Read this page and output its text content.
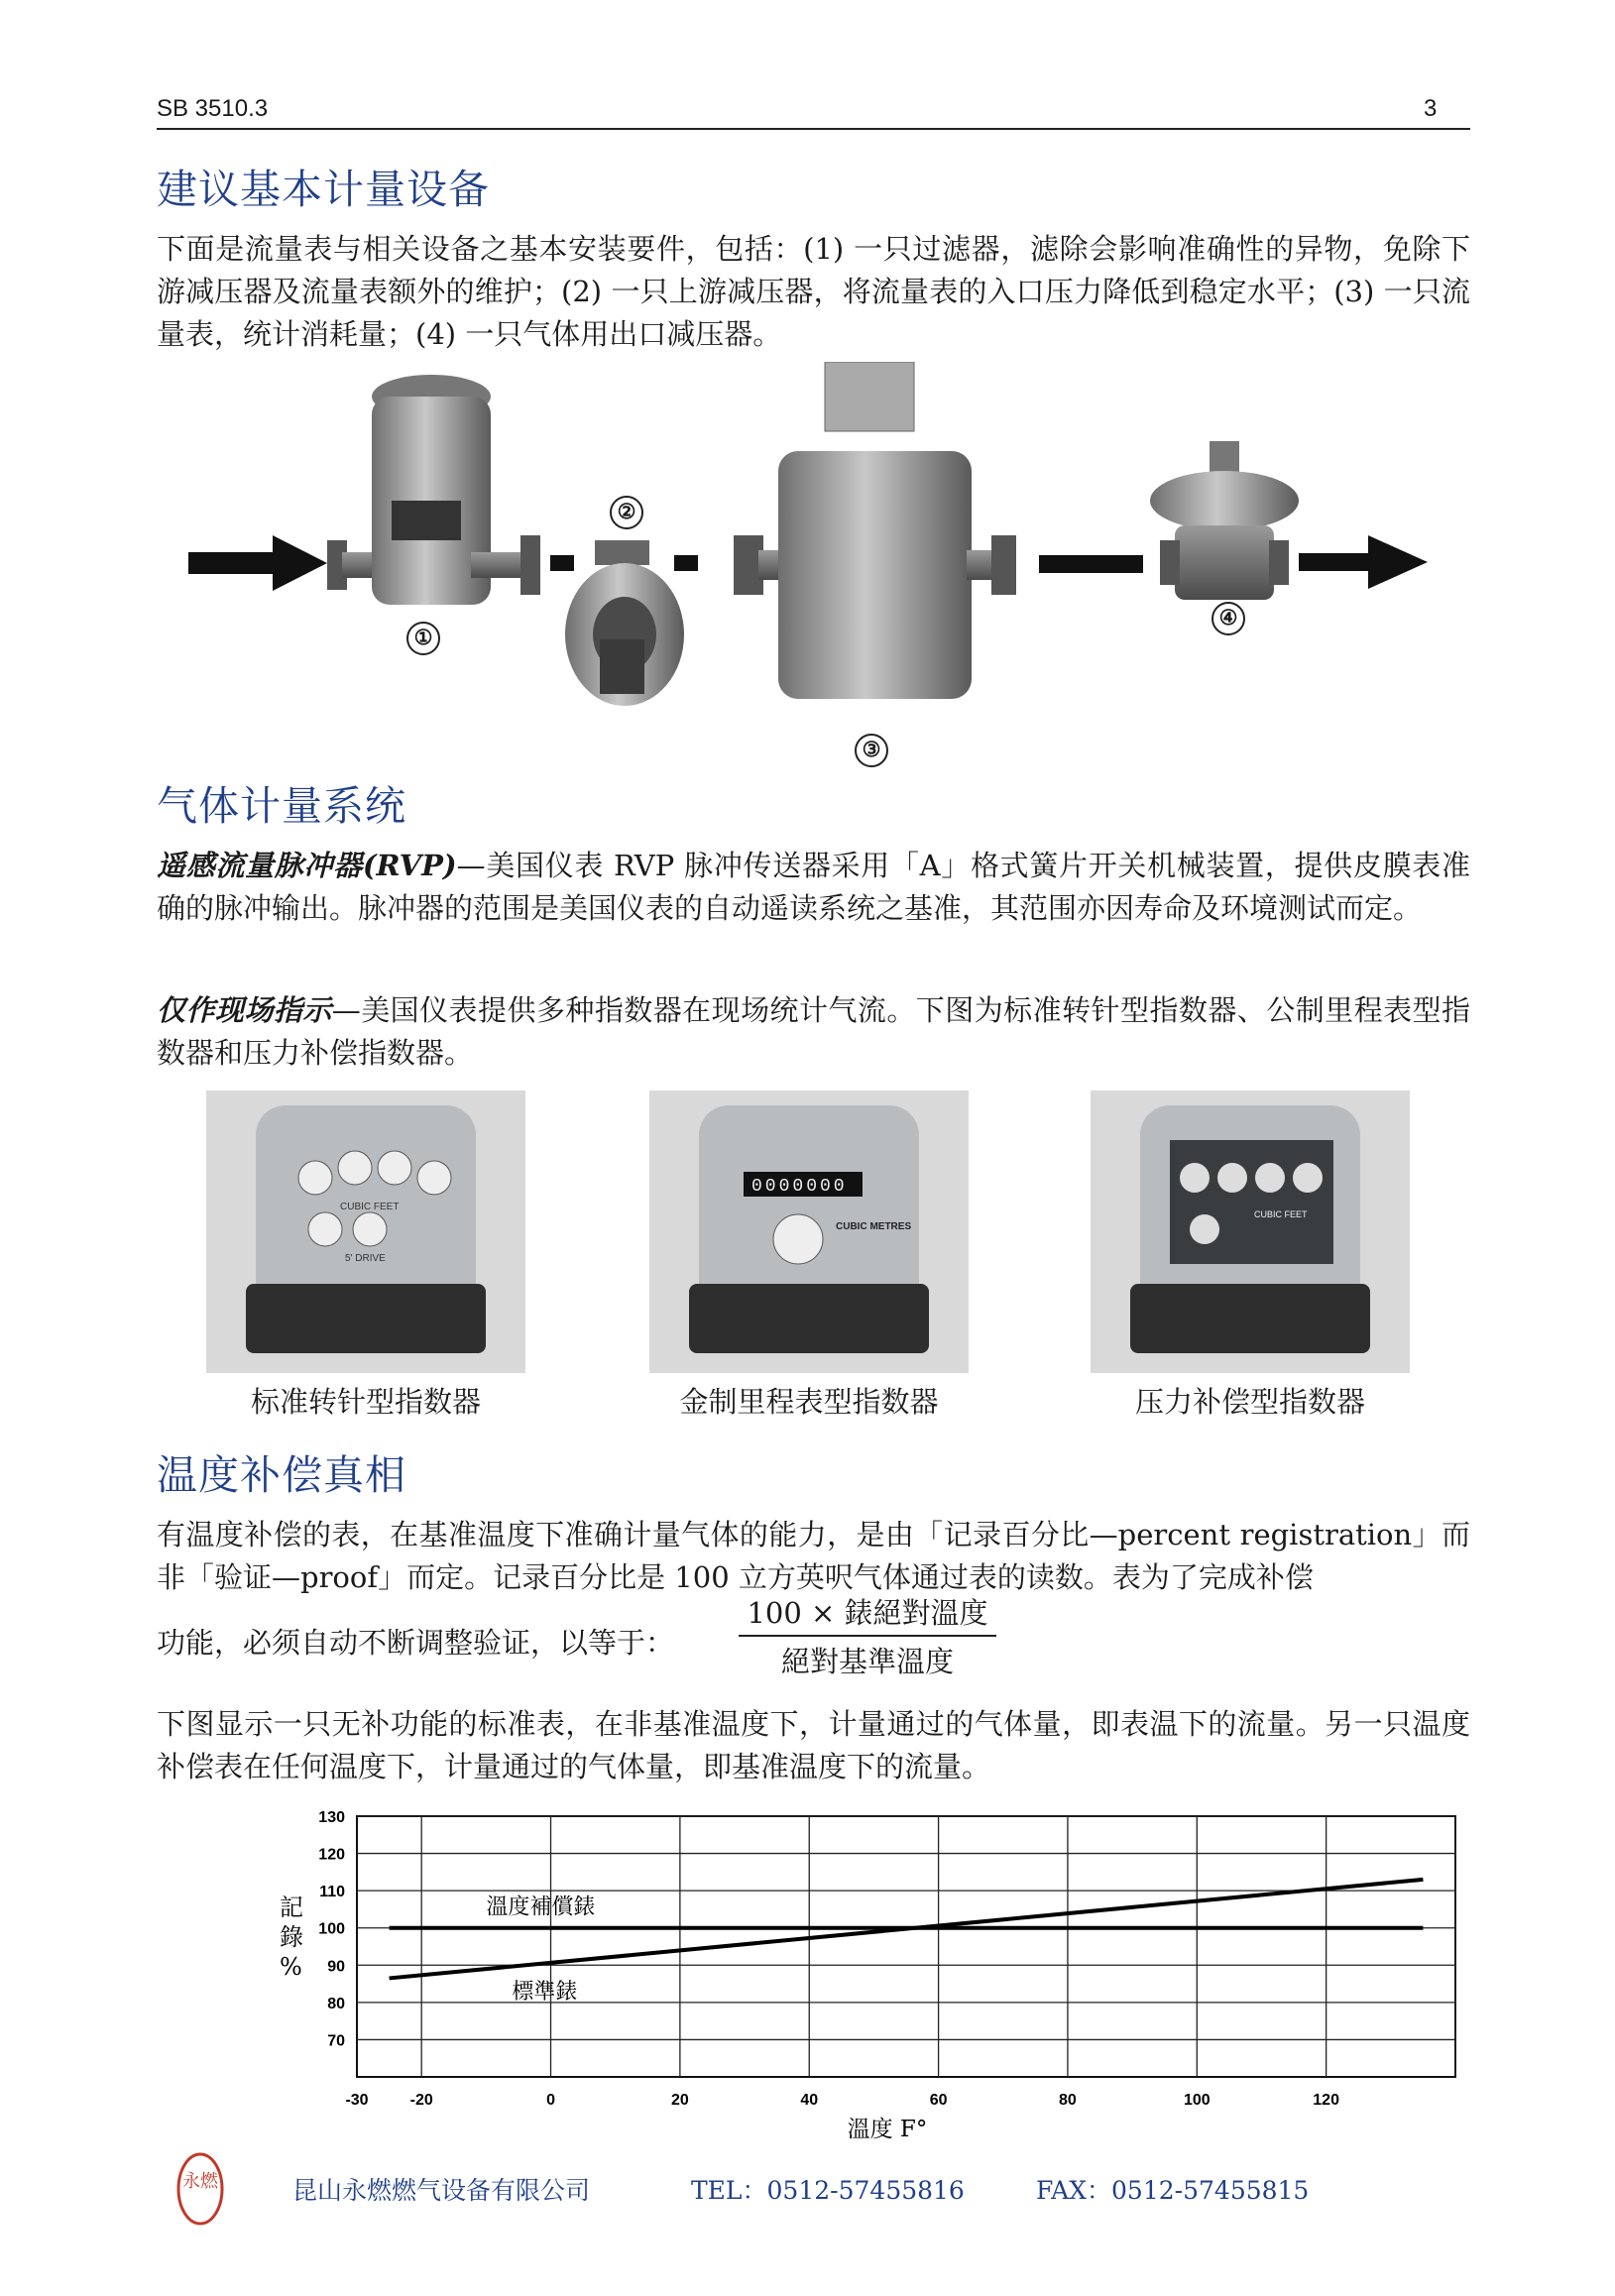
SB 3510.3	3
建议基本计量设备
下面是流量表与相关设备之基本安装要件，包括：(1) 一只过滤器，滤除会影响准确性的异物，免除下游减压器及流量表额外的维护；(2) 一只上游减压器，将流量表的入口压力降低到稳定水平；(3) 一只流量表，统计消耗量；(4) 一只气体用出口减压器。
①
②
③
④
气体计量系统
遥感流量脉冲器(RVP)—美国仪表 RVP 脉冲传送器采用「A」格式簧片开关机械装置，提供皮膜表准确的脉冲输出。脉冲器的范围是美国仪表的自动遥读系统之基准，其范围亦因寿命及环境测试而定。
仅作现场指示—美国仪表提供多种指数器在现场统计气流。下图为标准转针型指数器、公制里程表型指数器和压力补偿指数器。
CUBIC FEET
5' DRIVE
0000000
CUBIC METRES
CUBIC FEET
标准转针型指数器	金制里程表型指数器	压力补偿型指数器
温度补偿真相
有温度补偿的表，在基准温度下准确计量气体的能力，是由「记录百分比—percent registration」而非「验证—proof」而定。记录百分比是 100 立方英呎气体通过表的读数。表为了完成补偿
功能，必须自动不断调整验证，以等于：
100 × 錶絕對溫度
絕對基準溫度
下图显示一只无补功能的标准表，在非基准温度下，计量通过的气体量，即表温下的流量。另一只温度补偿表在任何温度下，计量通过的气体量，即基准温度下的流量。
記
錄
%
溫度 F°
130
120
110
100
90
80
70
-30	-20	0	20	40	60	80	100	120
溫度補償錶
標準錶
永燃	昆山永燃燃气设备有限公司	TEL：0512-57455816	FAX：0512-57455815
